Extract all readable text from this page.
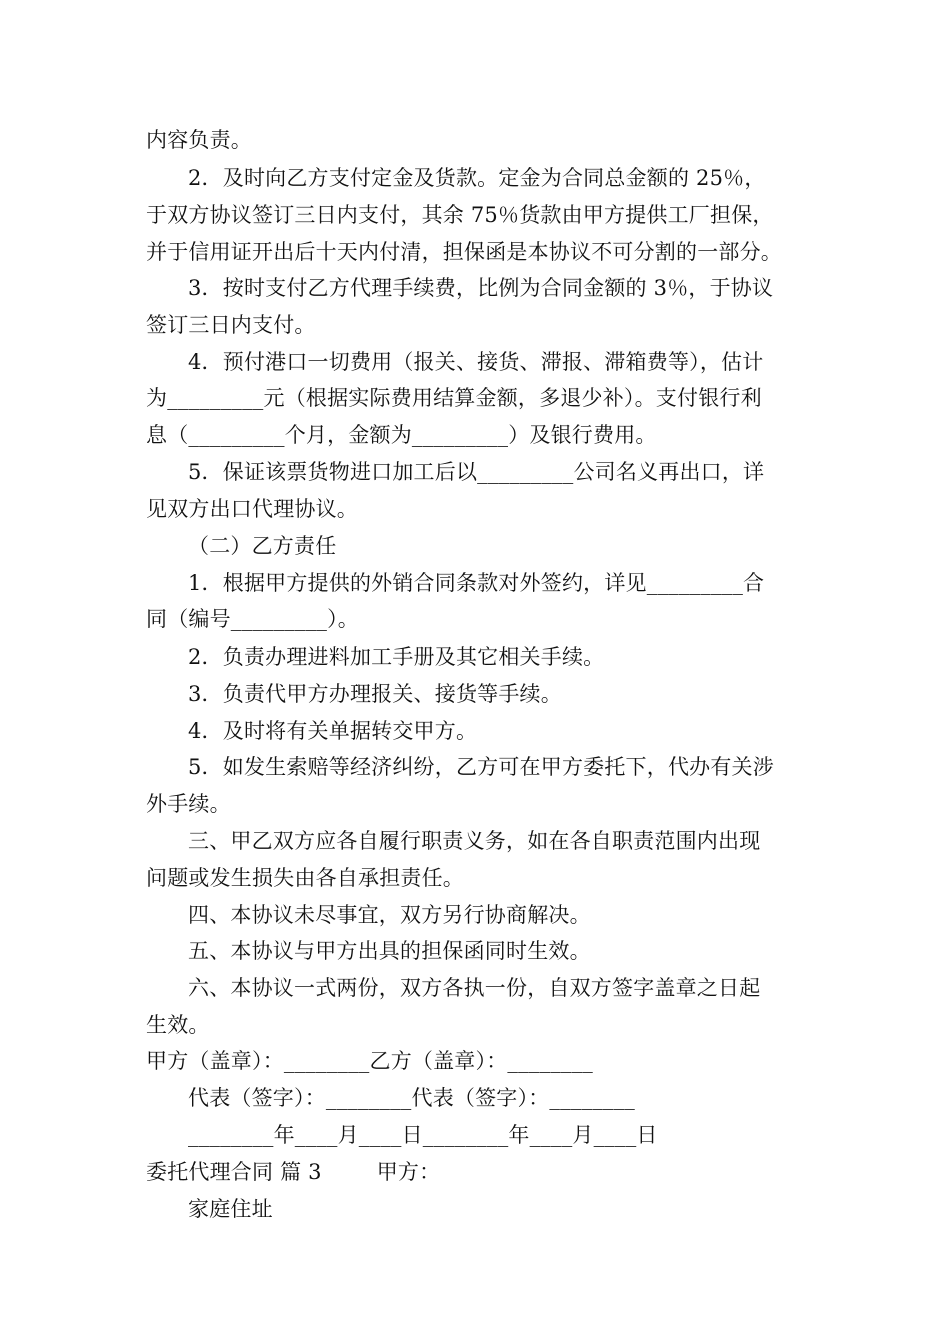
内容负责。
2．及时向乙方支付定金及货款。定金为合同总金额的 25％，
于双方协议签订三日内支付，其余 75％货款由甲方提供工厂担保，
并于信用证开出后十天内付清，担保函是本协议不可分割的一部分。
3．按时支付乙方代理手续费，比例为合同金额的 3％，于协议
签订三日内支付。
4．预付港口一切费用（报关、接货、滞报、滞箱费等），估计
为_________元（根据实际费用结算金额，多退少补）。支付银行利
息（_________个月，金额为_________）及银行费用。
5．保证该票货物进口加工后以_________公司名义再出口，详
见双方出口代理协议。
（二）乙方责任
1．根据甲方提供的外销合同条款对外签约，详见_________合
同（编号_________）。
2．负责办理进料加工手册及其它相关手续。
3．负责代甲方办理报关、接货等手续。
4．及时将有关单据转交甲方。
5．如发生索赔等经济纠纷，乙方可在甲方委托下，代办有关涉
外手续。
三、甲乙双方应各自履行职责义务，如在各自职责范围内出现
问题或发生损失由各自承担责任。
四、本协议未尽事宜，双方另行协商解决。
五、本协议与甲方出具的担保函同时生效。
六、本协议一式两份，双方各执一份，自双方签字盖章之日起
生效。
甲方（盖章）：________乙方（盖章）：________
代表（签字）：________代表（签字）：________
________年____月____日________年____月____日
委托代理合同 篇 3        甲方：
家庭住址
